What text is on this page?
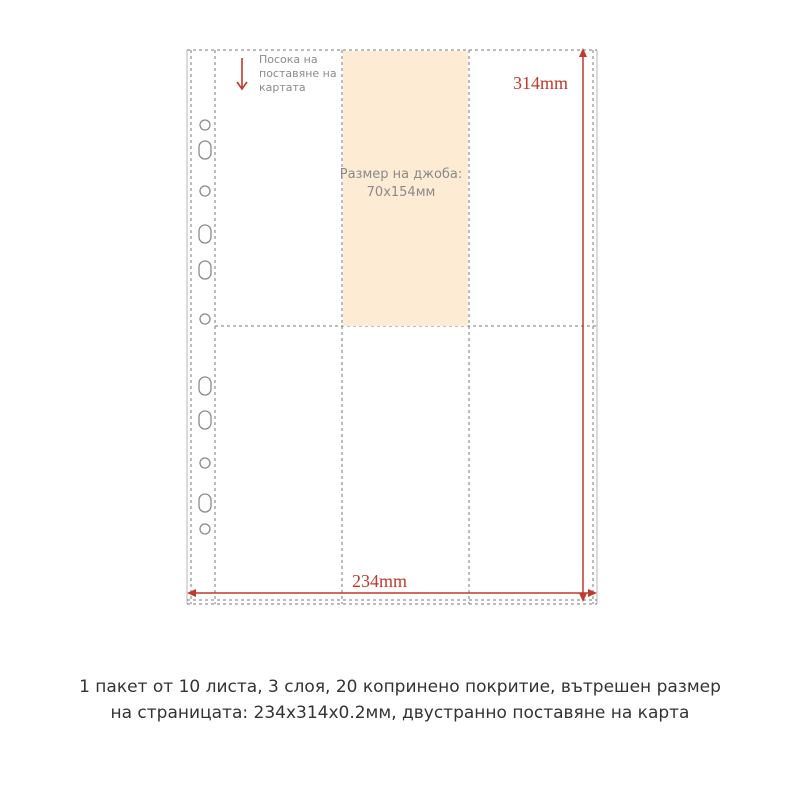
314mm
234mm
Посока на поставяне на картата
Размер на джоба: 70x154мм
1 пакет от 10 листа, 3 слоя, 20 копринено покритие, вътрешен размер
на страницата: 234x314x0.2мм, двустранно поставяне на карта
